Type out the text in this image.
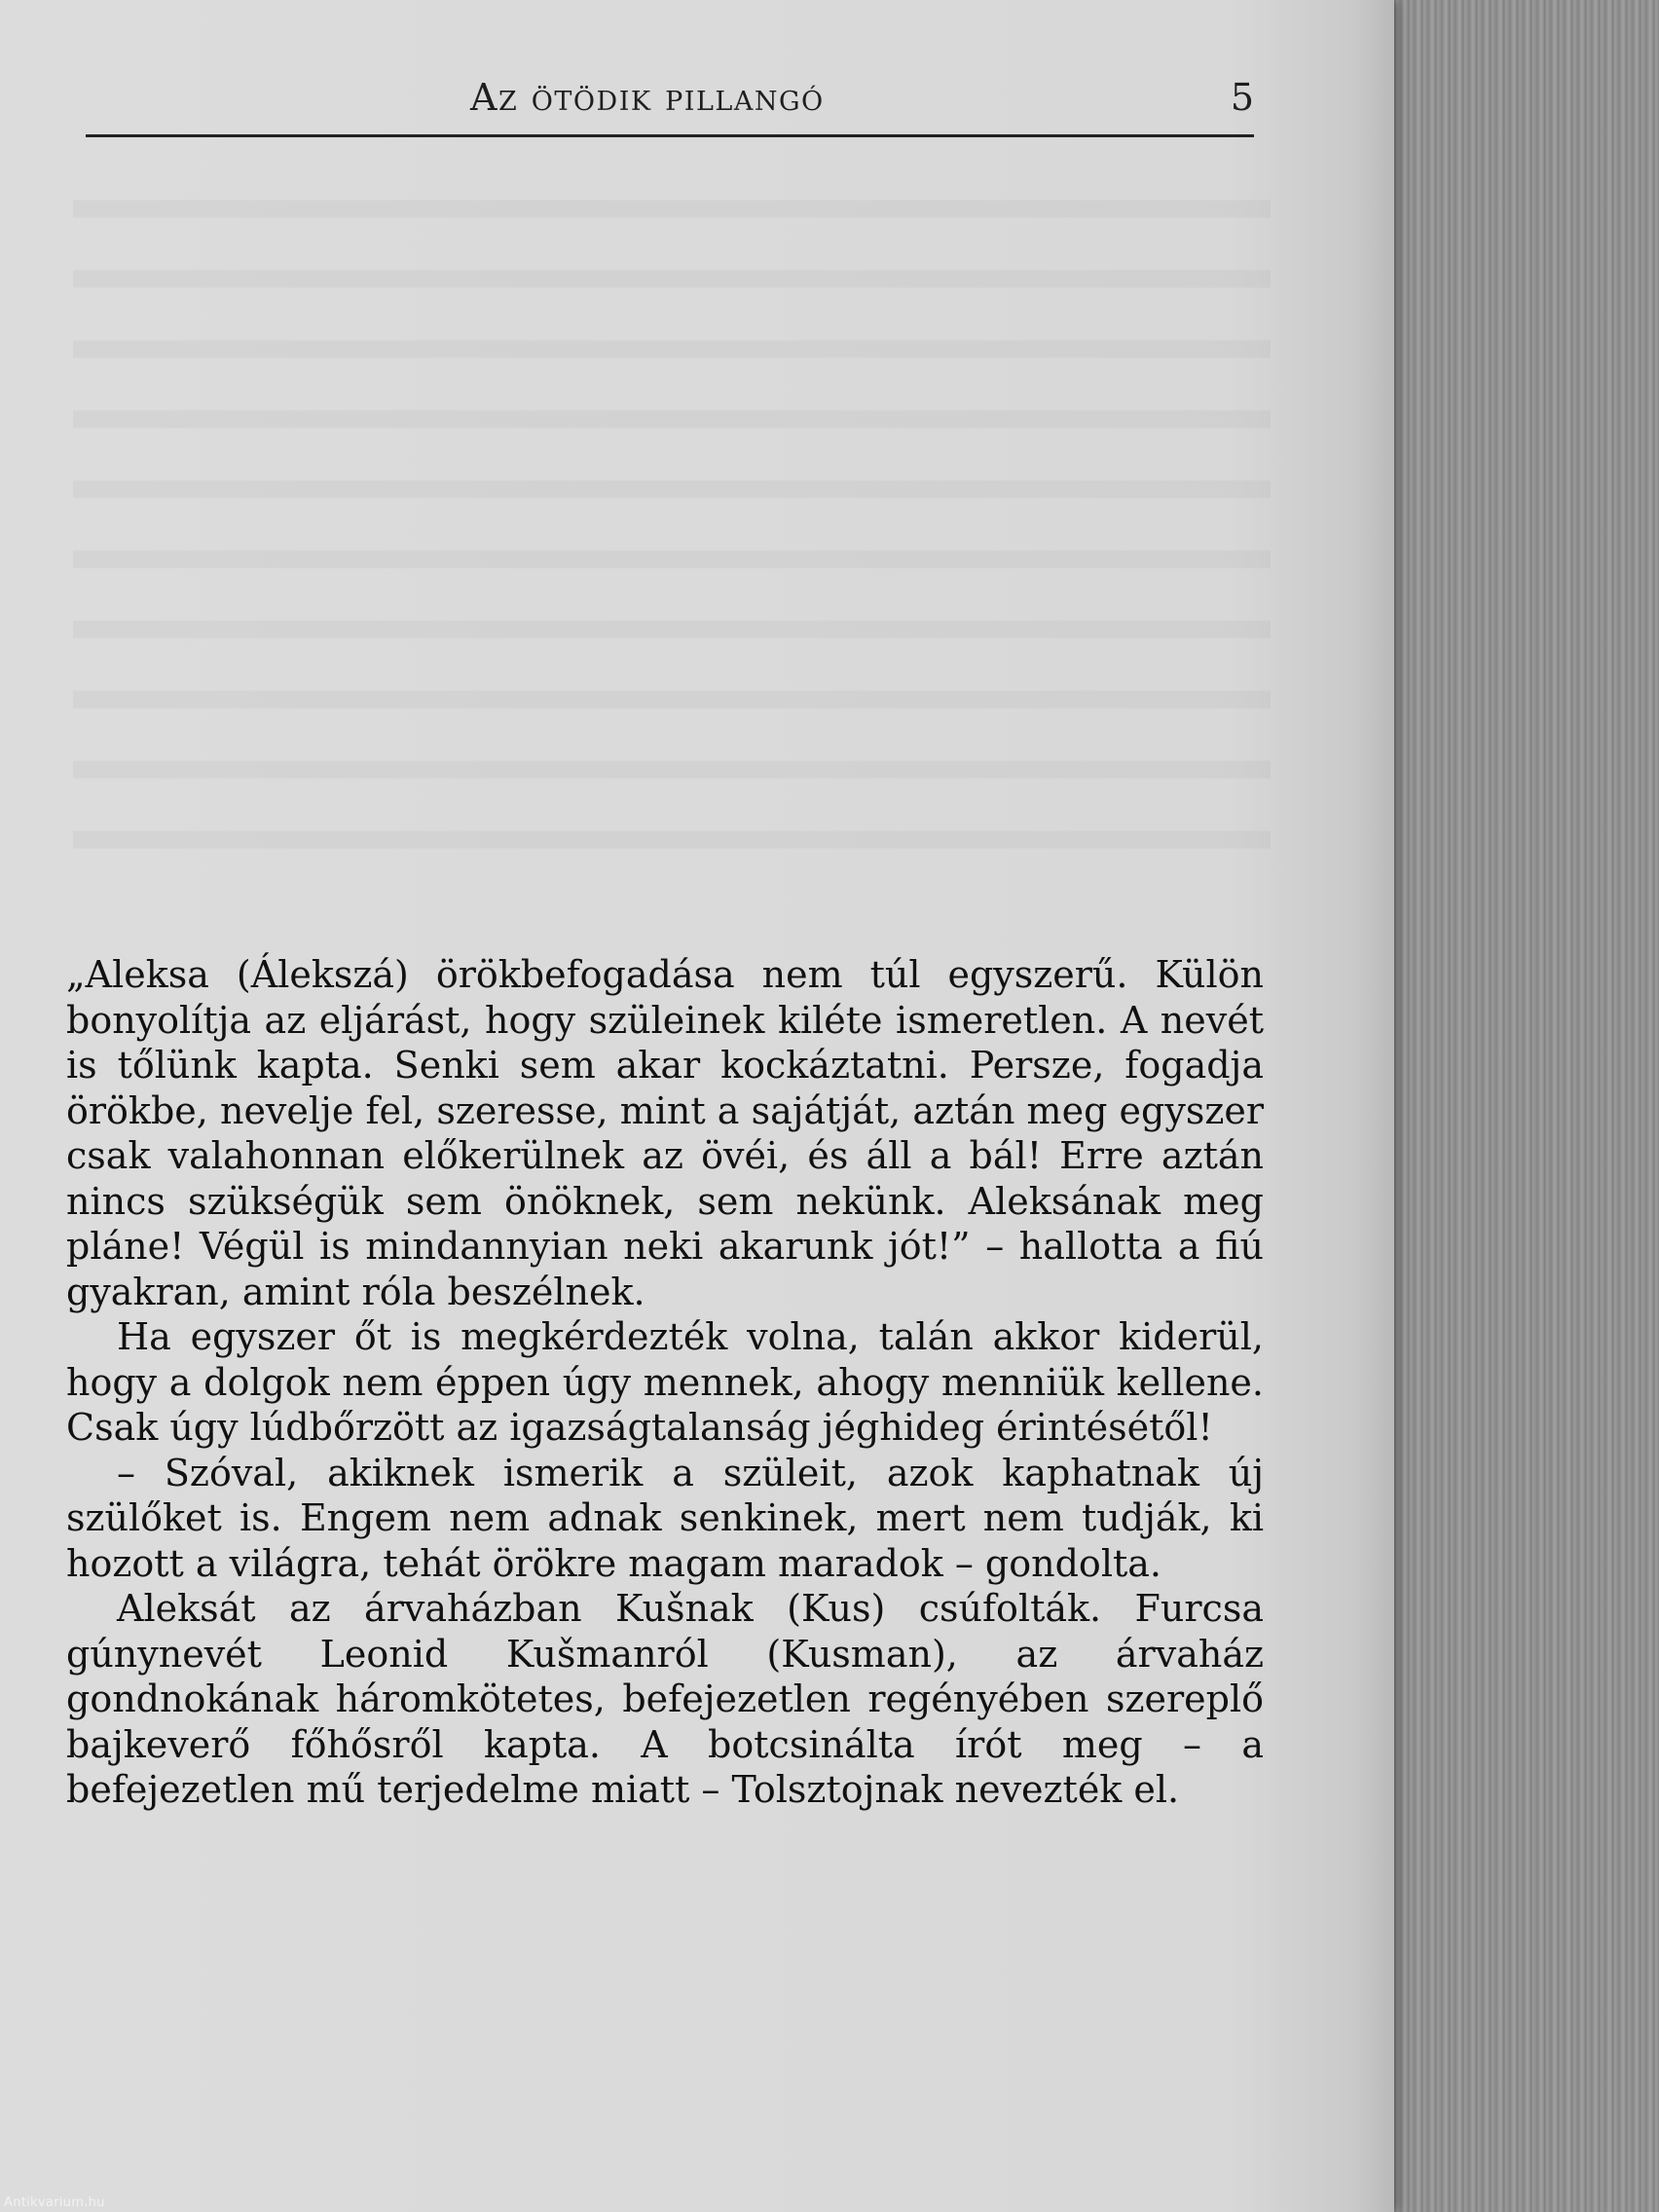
Az ötödik pillangó	5

„Aleksa (Álekszá) örökbefogadása nem túl egyszerű. Külön bonyolítja az eljárást, hogy szüleinek kiléte ismeretlen. A nevét is tőlünk kapta. Senki sem akar kockáztatni. Persze, fogadja örökbe, nevelje fel, szeresse, mint a sajátját, aztán meg egyszer csak valahonnan előkerülnek az övéi, és áll a bál! Erre aztán nincs szükségük sem önöknek, sem nekünk. Aleksának meg pláne! Végül is mindannyian neki akarunk jót!” – hallotta a fiú gyakran, amint róla beszélnek.

Ha egyszer őt is megkérdezték volna, talán akkor kiderül, hogy a dolgok nem éppen úgy mennek, ahogy menniük kellene. Csak úgy lúdbőrzött az igazságtalanság jéghideg érintésétől!

– Szóval, akiknek ismerik a szüleit, azok kaphatnak új szülőket is. Engem nem adnak senkinek, mert nem tudják, ki hozott a világra, tehát örökre magam maradok – gondolta.

Aleksát az árvaházban Kušnak (Kus) csúfolták. Furcsa gúnynevét Leonid Kušmanról (Kusman), az árvaház gondnokának háromkötetes, befejezetlen regényében szereplő bajkeverő főhősről kapta. A botcsinálta írót meg – a befejezetlen mű terjedelme miatt – Tolsztojnak nevezték el.

Antikvarium.hu
